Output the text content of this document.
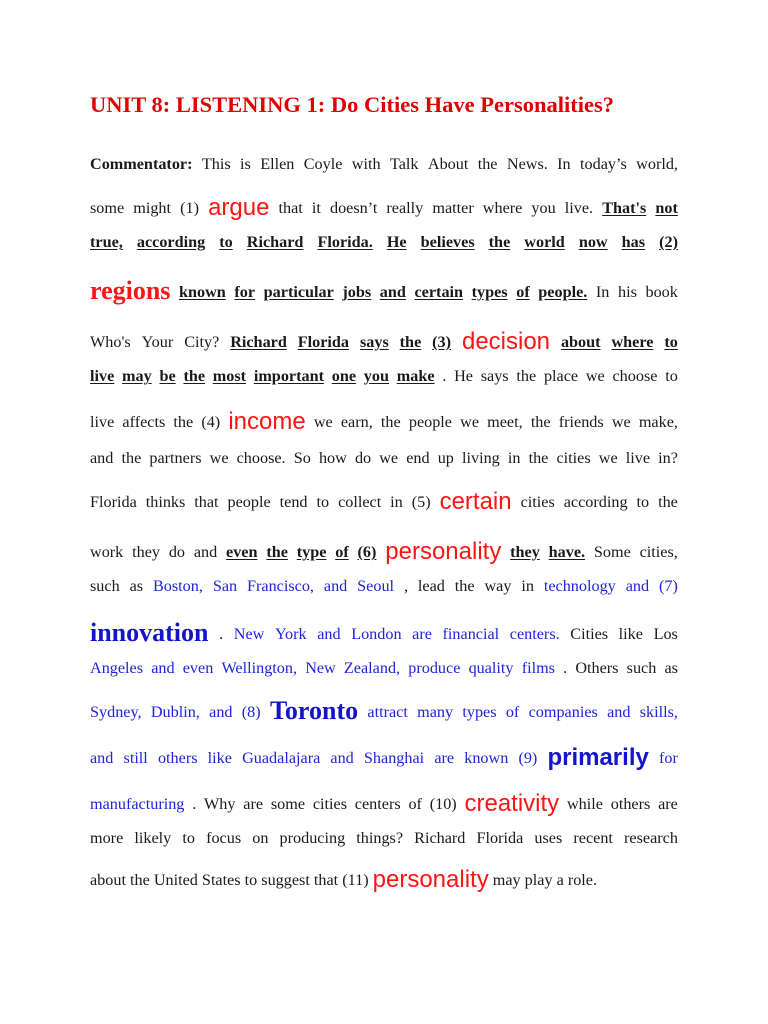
UNIT 8: LISTENING 1: Do Cities Have Personalities?
Commentator: This is Ellen Coyle with Talk About the News. In today’s world,
some might (1) argue that it doesn’t really matter where you live. That's not
true, according to Richard Florida. He believes the world now has (2)
regions known for particular jobs and certain types of people. In his book
Who's Your City? Richard Florida says the (3) decision about where to
live may be the most important one you make . He says the place we choose to
live affects the (4) income we earn, the people we meet, the friends we make,
and the partners we choose. So how do we end up living in the cities we live in?
Florida thinks that people tend to collect in (5) certain cities according to the
work they do and even the type of (6) personality they have. Some cities,
such as Boston, San Francisco, and Seoul , lead the way in technology and (7)
innovation . New York and London are financial centers. Cities like Los
Angeles and even Wellington, New Zealand, produce quality films . Others such as
Sydney, Dublin, and (8) Toronto attract many types of companies and skills,
and still others like Guadalajara and Shanghai are known (9) primarily for
manufacturing . Why are some cities centers of (10) creativity while others are
more likely to focus on producing things? Richard Florida uses recent research
about the United States to suggest that (11) personality may play a role.
